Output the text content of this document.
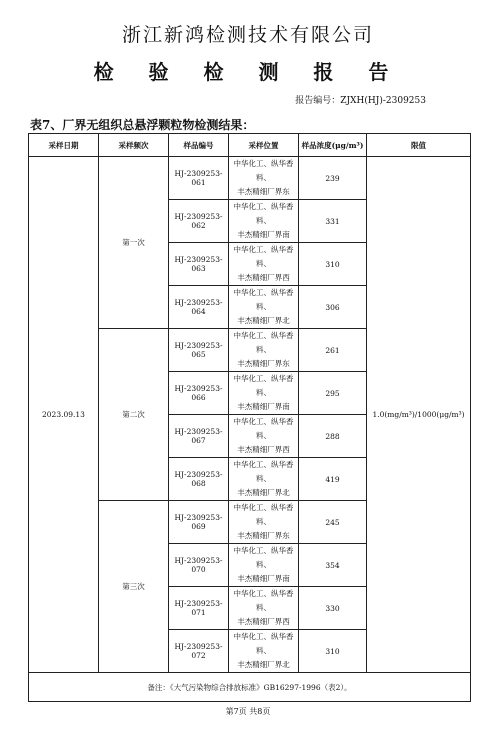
浙江新鸿检测技术有限公司
检 验 检 测 报 告
报告编号：ZJXH(HJ)-2309253
表7、厂界无组织总悬浮颗粒物检测结果：
采样日期	采样频次	样品编号	采样位置	样品浓度(μg/m³)	限值
2023.09.13	第一次	HJ-2309253-061	中华化工、纵华香料、
丰杰精细厂界东	239	1.0(mg/m³)/1000(μg/m³)
		HJ-2309253-062	中华化工、纵华香料、
丰杰精细厂界南	331	
		HJ-2309253-063	中华化工、纵华香料、
丰杰精细厂界西	310	
		HJ-2309253-064	中华化工、纵华香料、
丰杰精细厂界北	306	
	第二次	HJ-2309253-065	中华化工、纵华香料、
丰杰精细厂界东	261	
		HJ-2309253-066	中华化工、纵华香料、
丰杰精细厂界南	295	
		HJ-2309253-067	中华化工、纵华香料、
丰杰精细厂界西	288	
		HJ-2309253-068	中华化工、纵华香料、
丰杰精细厂界北	419	
	第三次	HJ-2309253-069	中华化工、纵华香料、
丰杰精细厂界东	245	
		HJ-2309253-070	中华化工、纵华香料、
丰杰精细厂界南	354	
		HJ-2309253-071	中华化工、纵华香料、
丰杰精细厂界西	330	
		HJ-2309253-072	中华化工、纵华香料、
丰杰精细厂界北	310	
备注：《大气污染物综合排放标准》GB16297-1996（表2）。					
第7页 共8页
